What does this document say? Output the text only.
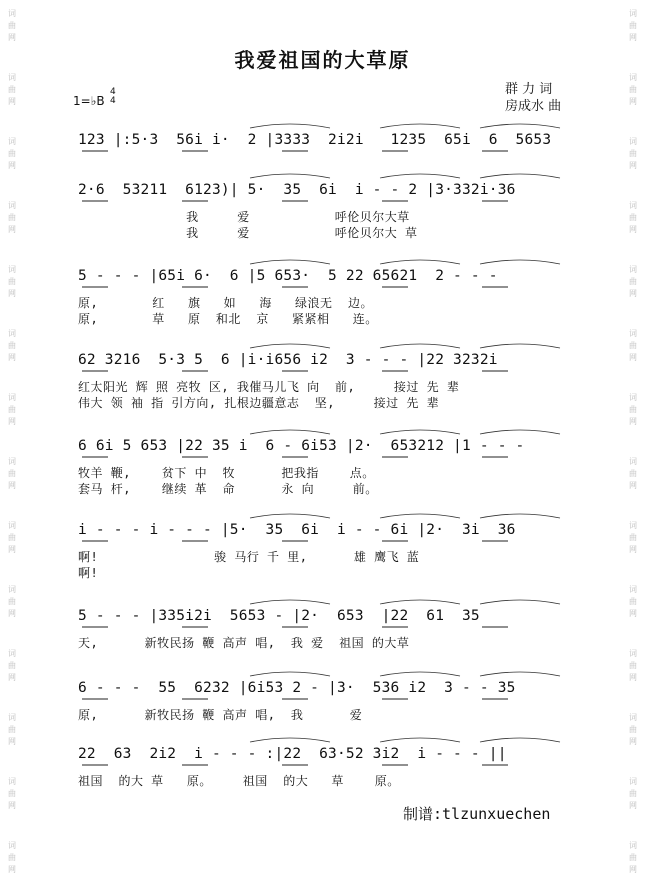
词
曲
网
词
曲
网
词
曲
网
词
曲
网
词
曲
网
词
曲
网
词
曲
网
词
曲
网
词
曲
网
词
曲
网
词
曲
网
词
曲
网
词
曲
网
词
曲
网
词
曲
网
词
曲
网
词
曲
网
词
曲
网
词
曲
网
词
曲
网
词
曲
网
词
曲
网
词
曲
网
词
曲
网
词
曲
网
词
曲
网
词
曲
网
词
曲
网
我爱祖国的大草原
群 力 词
房成水 曲
1=♭B
4
4
123 |:5·3  56i i·  2 |3333  2i2i   1235  65i  6  5653
2·6  53211  6123)| 5·  35  6i  i - - 2 |3·332i·36
我     爱           呼伦贝尔大草
我     爱           呼伦贝尔大 草
5 - - - |65i 6·  6 |5 653·  5 22 65621  2 - - -
原,       红   旗   如   海   绿浪无  边。
原,       草   原  和北  京   紧紧相   连。
62 3216  5·3 5  6 |i·i656 i2  3 - - - |22 3232i
红太阳光 辉 照 亮牧 区, 我催马儿飞 向  前,     接过 先 辈
伟大 领 袖 指 引方向, 扎根边疆意志  坚,     接过 先 辈
6 6i 5 653 |22 35 i  6 - 6i53 |2·  653212 |1 - - -
牧羊 鞭,    贫下 中  牧      把我指    点。
套马 杆,    继续 革  命      永 向     前。
i - - - i - - - |5·  35  6i  i - - 6i |2·  3i  36
啊!               骏 马行 千 里,      雄 鹰飞 蓝
啊!
5 - - - |335i2i  5653 - |2·  653  |22  61  35
天,      新牧民扬 鞭 高声 唱,  我 爱  祖国 的大草
6 - - -  55  6232 |6i53 2 - |3·  536 i2  3 - - 35
原,      新牧民扬 鞭 高声 唱,  我      爱
22  63  2i2  i - - - :|22  63·52 3i2  i - - - ||
祖国  的大 草   原。    祖国  的大   草    原。
制谱:tlzunxuechen
